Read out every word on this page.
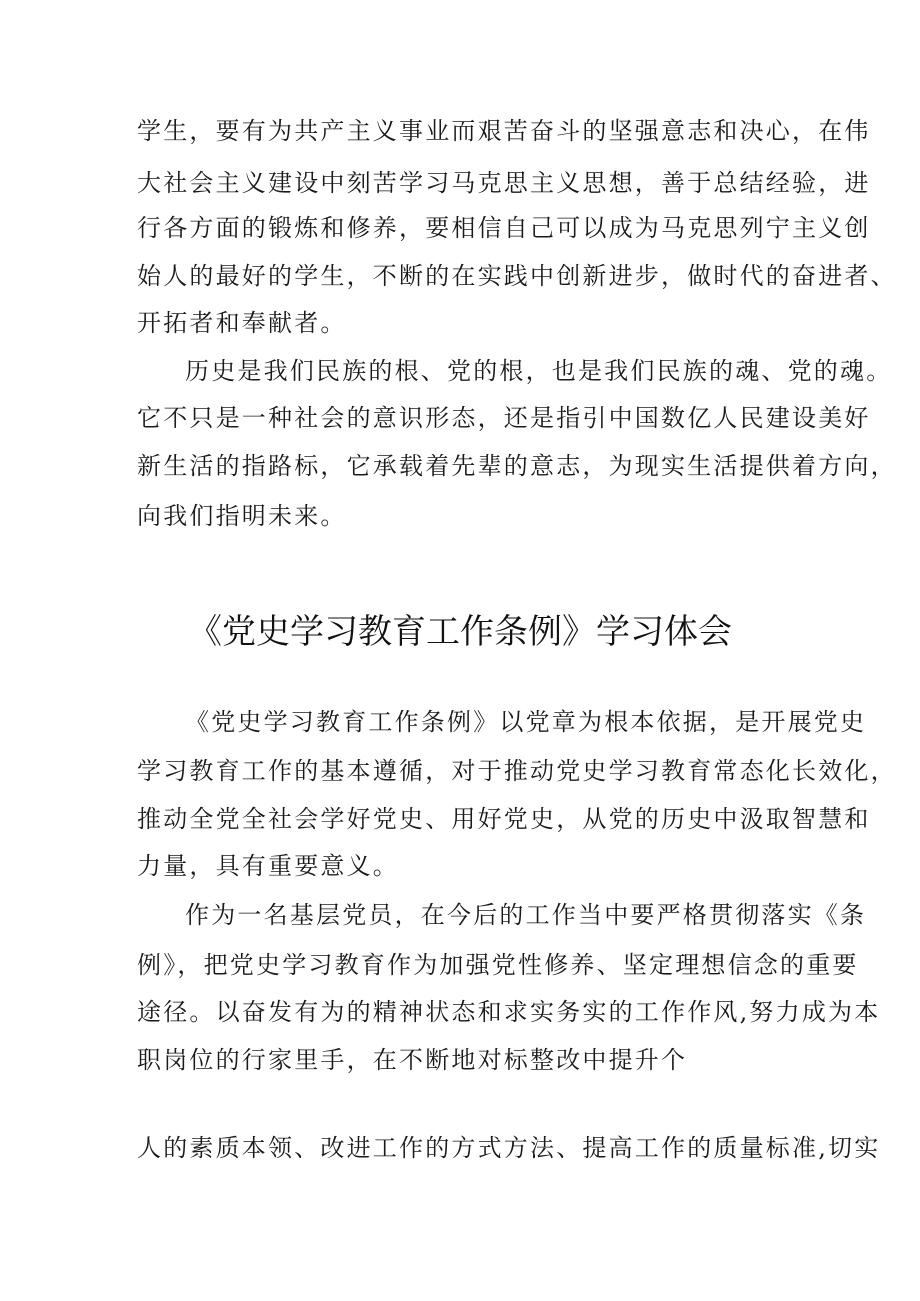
学生，要有为共产主义事业而艰苦奋斗的坚强意志和决心，在伟
大社会主义建设中刻苦学习马克思主义思想，善于总结经验，进
行各方面的锻炼和修养，要相信自己可以成为马克思列宁主义创
始人的最好的学生，不断的在实践中创新进步，做时代的奋进者、
开拓者和奉献者。
历史是我们民族的根、党的根，也是我们民族的魂、党的魂。
它不只是一种社会的意识形态，还是指引中国数亿人民建设美好
新生活的指路标，它承载着先辈的意志，为现实生活提供着方向，
向我们指明未来。
《党史学习教育工作条例》学习体会
《党史学习教育工作条例》以党章为根本依据，是开展党史
学习教育工作的基本遵循，对于推动党史学习教育常态化长效化，
推动全党全社会学好党史、用好党史，从党的历史中汲取智慧和
力量，具有重要意义。
作为一名基层党员，在今后的工作当中要严格贯彻落实《条
例》，把党史学习教育作为加强党性修养、坚定理想信念的重要
途径。以奋发有为的精神状态和求实务实的工作作风,努力成为本
职岗位的行家里手，在不断地对标整改中提升个
人的素质本领、改进工作的方式方法、提高工作的质量标准,切实
